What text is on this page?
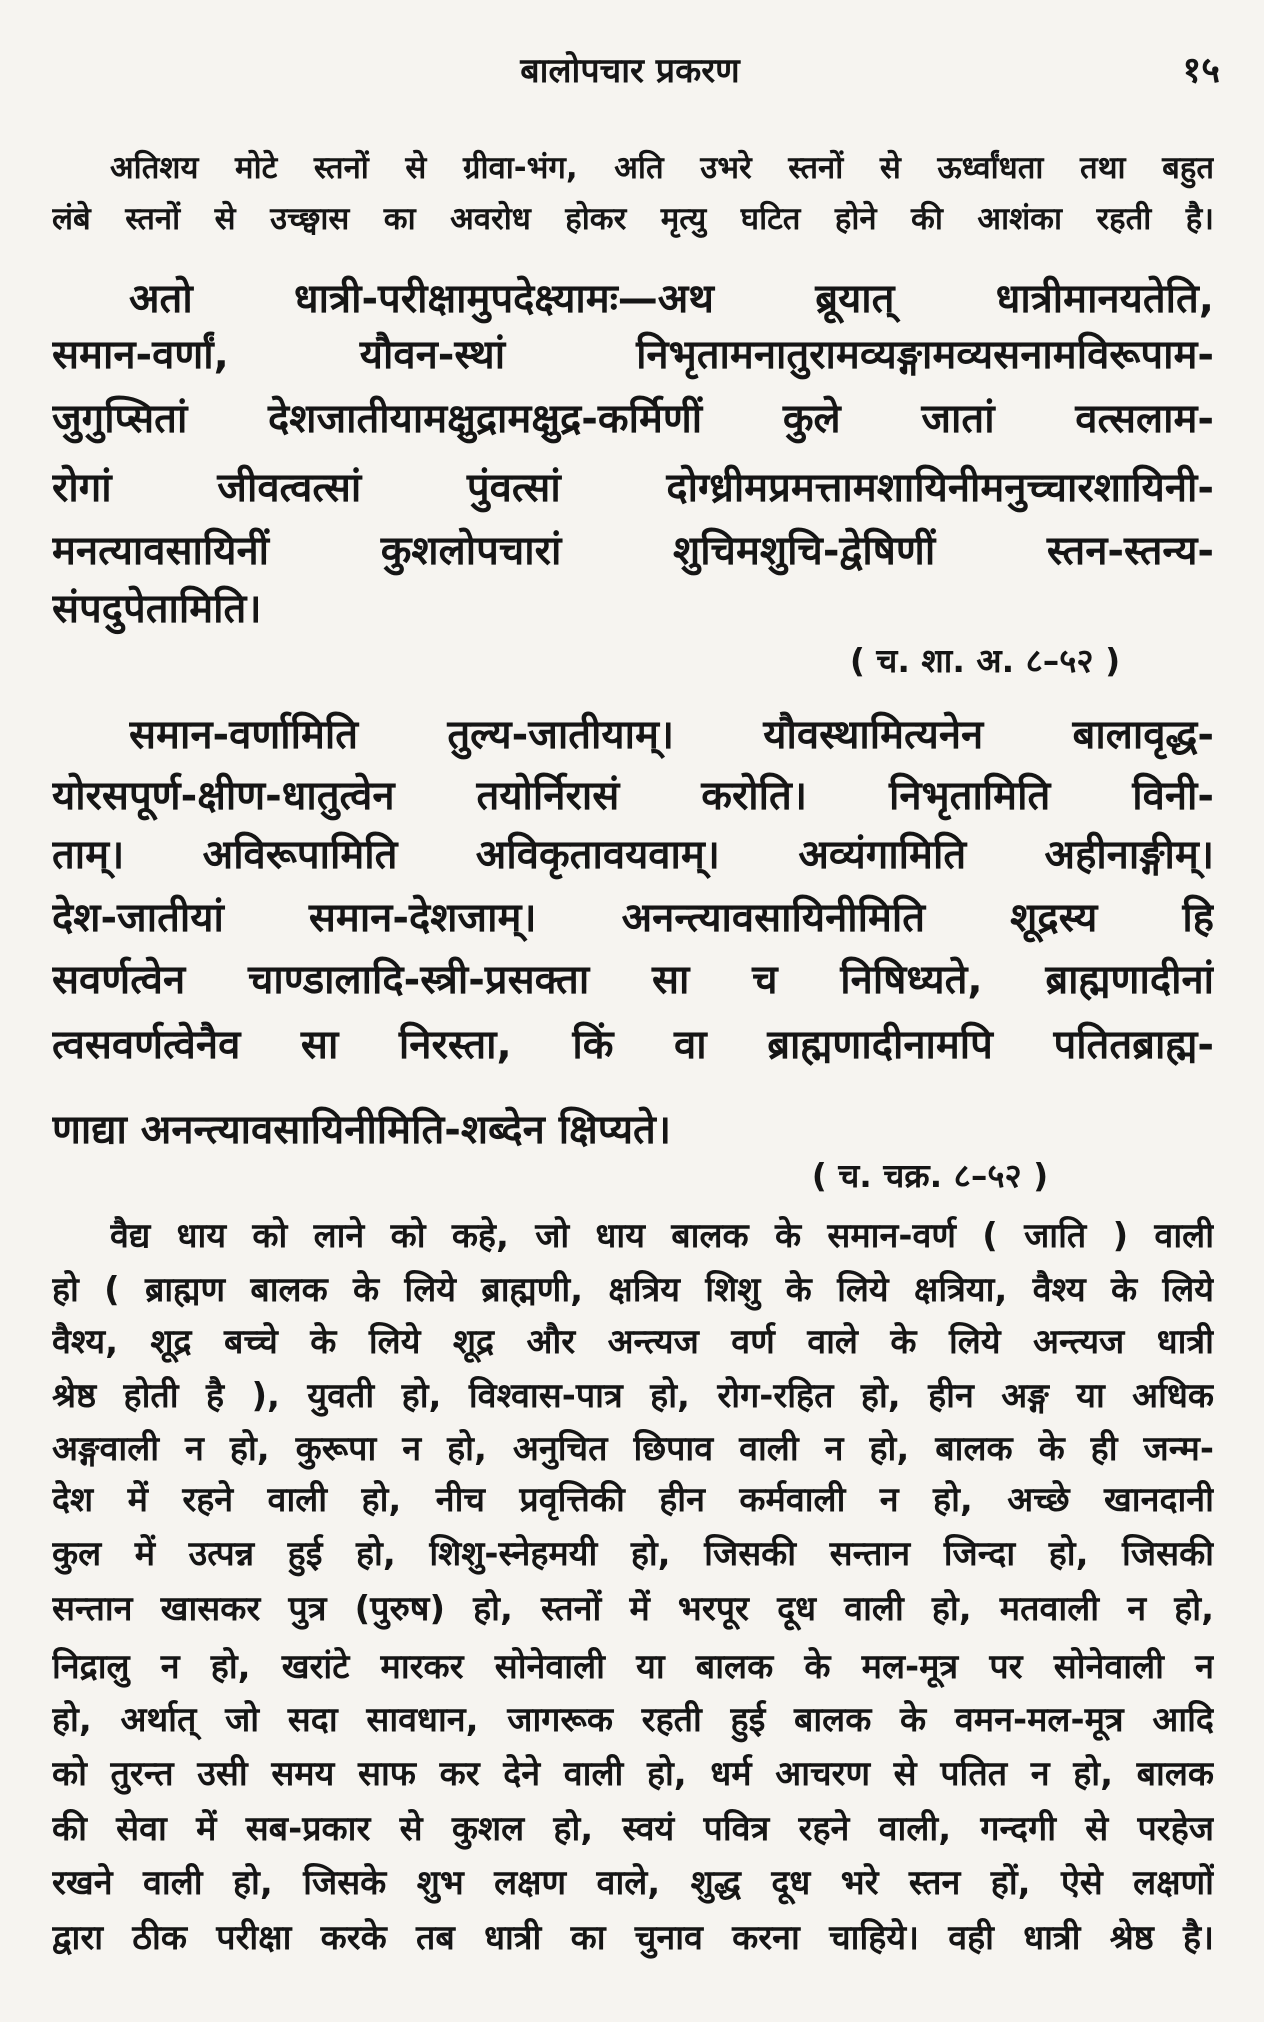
बालोपचार प्रकरण	१५
अतिशय मोटे स्तनों से ग्रीवा-भंग, अति उभरे स्तनों से ऊर्ध्वांधता तथा बहुत
लंबे स्तनों से उच्छ्वास का अवरोध होकर मृत्यु घटित होने की आशंका रहती है।
अतो धात्री-परीक्षामुपदेक्ष्यामः—अथ ब्रूयात् धात्रीमानयतेति,
समान-वर्णां, यौवन-स्थां निभृतामनातुरामव्यङ्गामव्यसनामविरूपाम-
जुगुप्सितां देशजातीयामक्षुद्रामक्षुद्र-कर्मिणीं कुले जातां वत्सलाम-
रोगां जीवत्वत्सां पुंवत्सां दोग्ध्रीमप्रमत्तामशायिनीमनुच्चारशायिनी-
मनत्यावसायिनीं कुशलोपचारां शुचिमशुचि-द्वेषिणीं स्तन-स्तन्य-
संपदुपेतामिति।
( च. शा. अ. ८–५२ )
समान-वर्णामिति तुल्य-जातीयाम्। यौवस्थामित्यनेन बालावृद्ध-
योरसपूर्ण-क्षीण-धातुत्वेन तयोर्निरासं करोति। निभृतामिति विनी-
ताम्। अविरूपामिति अविकृतावयवाम्। अव्यंगामिति अहीनाङ्गीम्।
देश-जातीयां समान-देशजाम्। अनन्त्यावसायिनीमिति शूद्रस्य हि
सवर्णत्वेन चाण्डालादि-स्त्री-प्रसक्ता सा च निषिध्यते, ब्राह्मणादीनां
त्वसवर्णत्वेनैव सा निरस्ता, किं वा ब्राह्मणादीनामपि पतितब्राह्म-
णाद्या अनन्त्यावसायिनीमिति-शब्देन क्षिप्यते।
( च. चक्र. ८–५२ )
वैद्य धाय को लाने को कहे, जो धाय बालक के समान-वर्ण ( जाति ) वाली
हो ( ब्राह्मण बालक के लिये ब्राह्मणी, क्षत्रिय शिशु के लिये क्षत्रिया, वैश्य के लिये
वैश्य, शूद्र बच्चे के लिये शूद्र और अन्त्यज वर्ण वाले के लिये अन्त्यज धात्री
श्रेष्ठ होती है ), युवती हो, विश्वास-पात्र हो, रोग-रहित हो, हीन अङ्ग या अधिक
अङ्गवाली न हो, कुरूपा न हो, अनुचित छिपाव वाली न हो, बालक के ही जन्म-
देश में रहने वाली हो, नीच प्रवृत्तिकी हीन कर्मवाली न हो, अच्छे खानदानी
कुल में उत्पन्न हुई हो, शिशु-स्नेहमयी हो, जिसकी सन्तान जिन्दा हो, जिसकी
सन्तान खासकर पुत्र (पुरुष) हो, स्तनों में भरपूर दूध वाली हो, मतवाली न हो,
निद्रालु न हो, खरांटे मारकर सोनेवाली या बालक के मल-मूत्र पर सोनेवाली न
हो, अर्थात् जो सदा सावधान, जागरूक रहती हुई बालक के वमन-मल-मूत्र आदि
को तुरन्त उसी समय साफ कर देने वाली हो, धर्म आचरण से पतित न हो, बालक
की सेवा में सब-प्रकार से कुशल हो, स्वयं पवित्र रहने वाली, गन्दगी से परहेज
रखने वाली हो, जिसके शुभ लक्षण वाले, शुद्ध दूध भरे स्तन हों, ऐसे लक्षणों
द्वारा ठीक परीक्षा करके तब धात्री का चुनाव करना चाहिये। वही धात्री श्रेष्ठ है।
